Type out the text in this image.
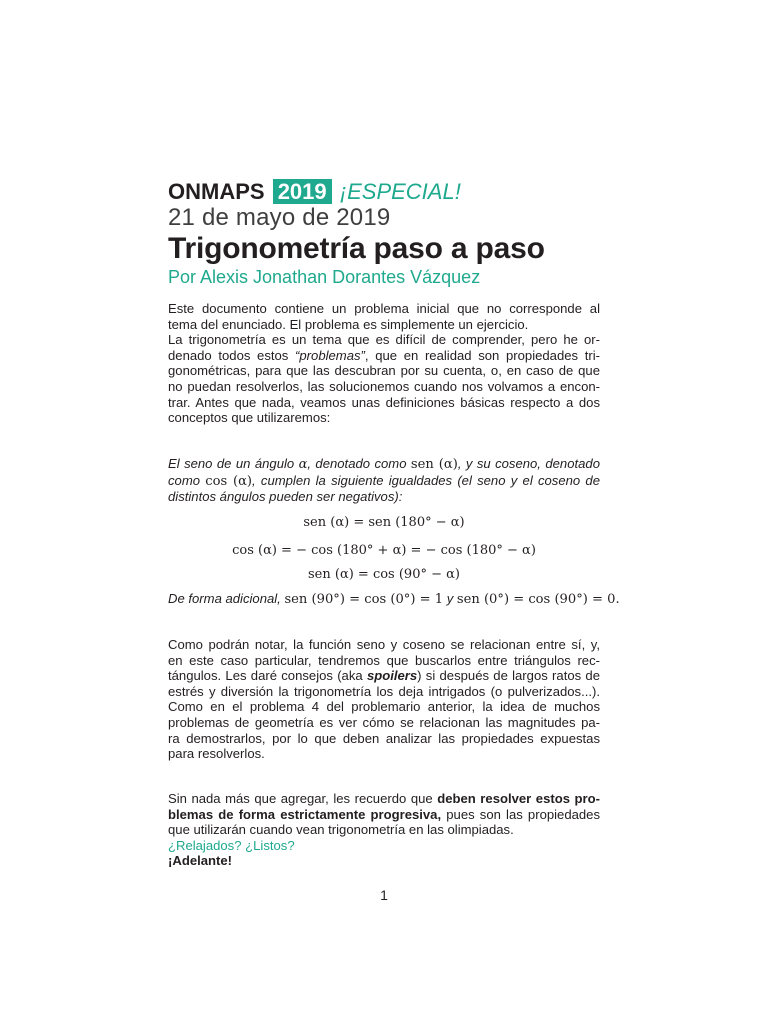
ONMAPS 2019 ¡ESPECIAL!
21 de mayo de 2019
Trigonometría paso a paso
Por Alexis Jonathan Dorantes Vázquez
Este documento contiene un problema inicial que no corresponde al
tema del enunciado. El problema es simplemente un ejercicio.
La trigonometría es un tema que es difícil de comprender, pero he or-
denado todos estos “problemas”, que en realidad son propiedades tri-
gonométricas, para que las descubran por su cuenta, o, en caso de que
no puedan resolverlos, las solucionemos cuando nos volvamos a encon-
trar. Antes que nada, veamos unas definiciones básicas respecto a dos
conceptos que utilizaremos:
El seno de un ángulo α, denotado como sen (α), y su coseno, denotado
como cos (α), cumplen la siguiente igualdades (el seno y el coseno de
distintos ángulos pueden ser negativos):
sen (α) = sen (180° − α)
cos (α) = − cos (180° + α) = − cos (180° − α)
sen (α) = cos (90° − α)
De forma adicional, sen (90°) = cos (0°) = 1 y sen (0°) = cos (90°) = 0.
Como podrán notar, la función seno y coseno se relacionan entre sí, y,
en este caso particular, tendremos que buscarlos entre triángulos rec-
tángulos. Les daré consejos (aka spoilers) si después de largos ratos de
estrés y diversión la trigonometría los deja intrigados (o pulverizados...).
Como en el problema 4 del problemario anterior, la idea de muchos
problemas de geometría es ver cómo se relacionan las magnitudes pa-
ra demostrarlos, por lo que deben analizar las propiedades expuestas
para resolverlos.
Sin nada más que agregar, les recuerdo que deben resolver estos pro-
blemas de forma estrictamente progresiva, pues son las propiedades
que utilizarán cuando vean trigonometría en las olimpiadas.
¿Relajados? ¿Listos?
¡Adelante!
1
